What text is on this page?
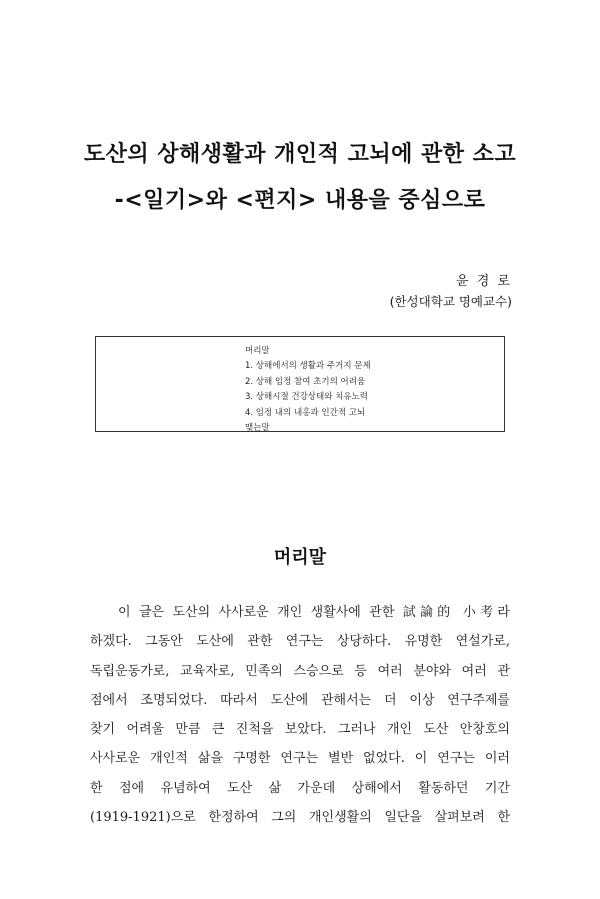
도산의 상해생활과 개인적 고뇌에 관한 소고
-<일기>와 <편지> 내용을 중심으로
윤 경 로
(한성대학교 명예교수)
머리말
1. 상해에서의 생활과 주거지 문제
2. 상해 임정 참여 초기의 어려움
3. 상해시절 건강상태와 치유노력
4. 임정 내의 내홍과 인간적 고뇌
맺는말
머리말
이 글은 도산의 사사로운 개인 생활사에 관한 試論的 小考라
하겠다. 그동안 도산에 관한 연구는 상당하다. 유명한 연설가로,
독립운동가로, 교육자로, 민족의 스승으로 등 여러 분야와 여러 관
점에서 조명되었다. 따라서 도산에 관해서는 더 이상 연구주제를
찾기 어려울 만큼 큰 진척을 보았다. 그러나 개인 도산 안창호의
사사로운 개인적 삶을 구명한 연구는 별반 없었다. 이 연구는 이러
한 점에 유념하여 도산 삶 가운데 상해에서 활동하던 기간
(1919-1921)으로 한정하여 그의 개인생활의 일단을 살펴보려 한
